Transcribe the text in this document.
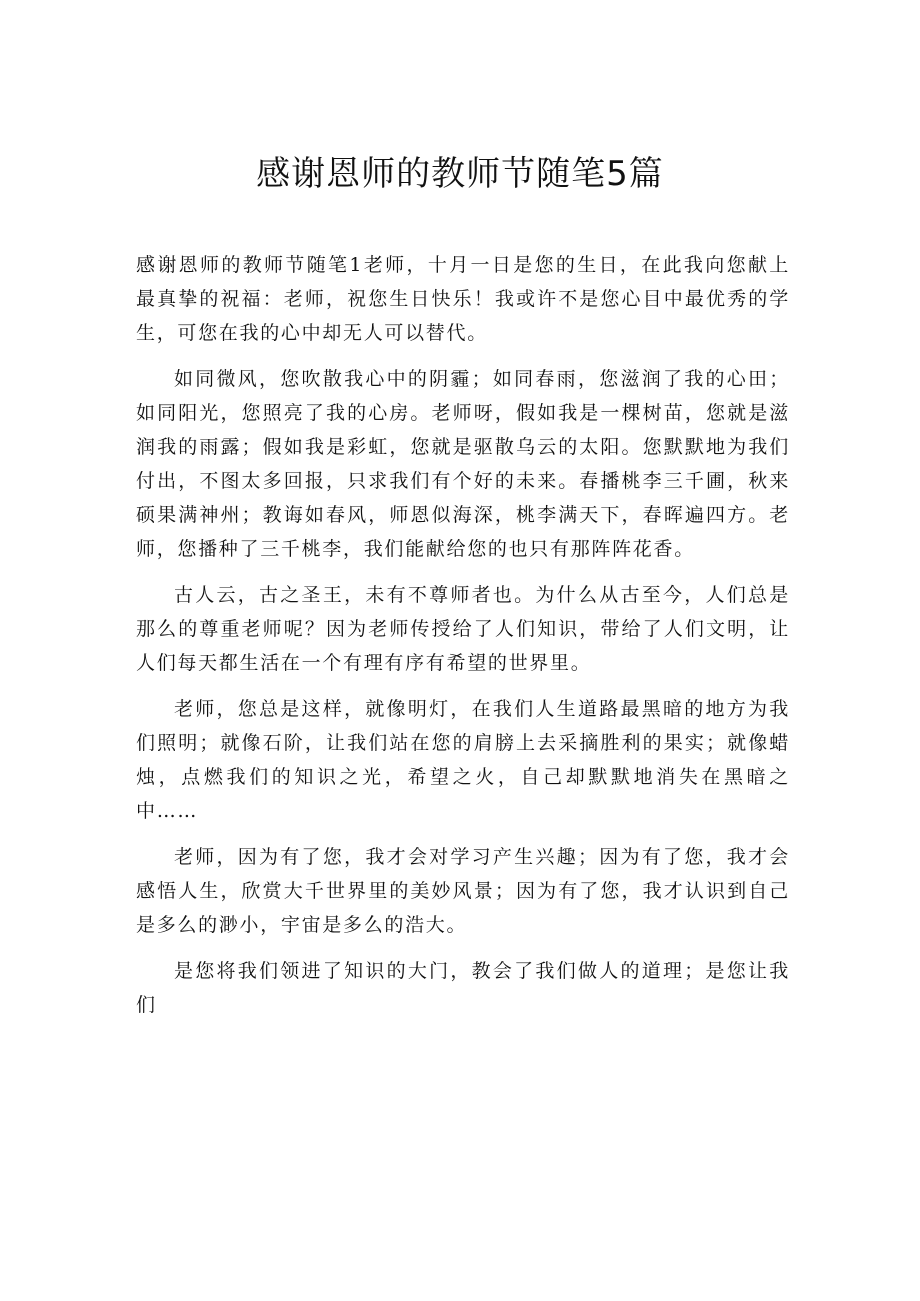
感谢恩师的教师节随笔5篇

感谢恩师的教师节随笔1老师，十月一日是您的生日，在此我向您献上最真挚的祝福：老师，祝您生日快乐！我或许不是您心目中最优秀的学生，可您在我的心中却无人可以替代。

如同微风，您吹散我心中的阴霾；如同春雨，您滋润了我的心田；如同阳光，您照亮了我的心房。老师呀，假如我是一棵树苗，您就是滋润我的雨露；假如我是彩虹，您就是驱散乌云的太阳。您默默地为我们付出，不图太多回报，只求我们有个好的未来。春播桃李三千圃，秋来硕果满神州；教诲如春风，师恩似海深，桃李满天下，春晖遍四方。老师，您播种了三千桃李，我们能献给您的也只有那阵阵花香。

古人云，古之圣王，未有不尊师者也。为什么从古至今，人们总是那么的尊重老师呢？因为老师传授给了人们知识，带给了人们文明，让人们每天都生活在一个有理有序有希望的世界里。

老师，您总是这样，就像明灯，在我们人生道路最黑暗的地方为我们照明；就像石阶，让我们站在您的肩膀上去采摘胜利的果实；就像蜡烛，点燃我们的知识之光，希望之火，自己却默默地消失在黑暗之中……

老师，因为有了您，我才会对学习产生兴趣；因为有了您，我才会感悟人生，欣赏大千世界里的美妙风景；因为有了您，我才认识到自己是多么的渺小，宇宙是多么的浩大。

是您将我们领进了知识的大门，教会了我们做人的道理；是您让我们
